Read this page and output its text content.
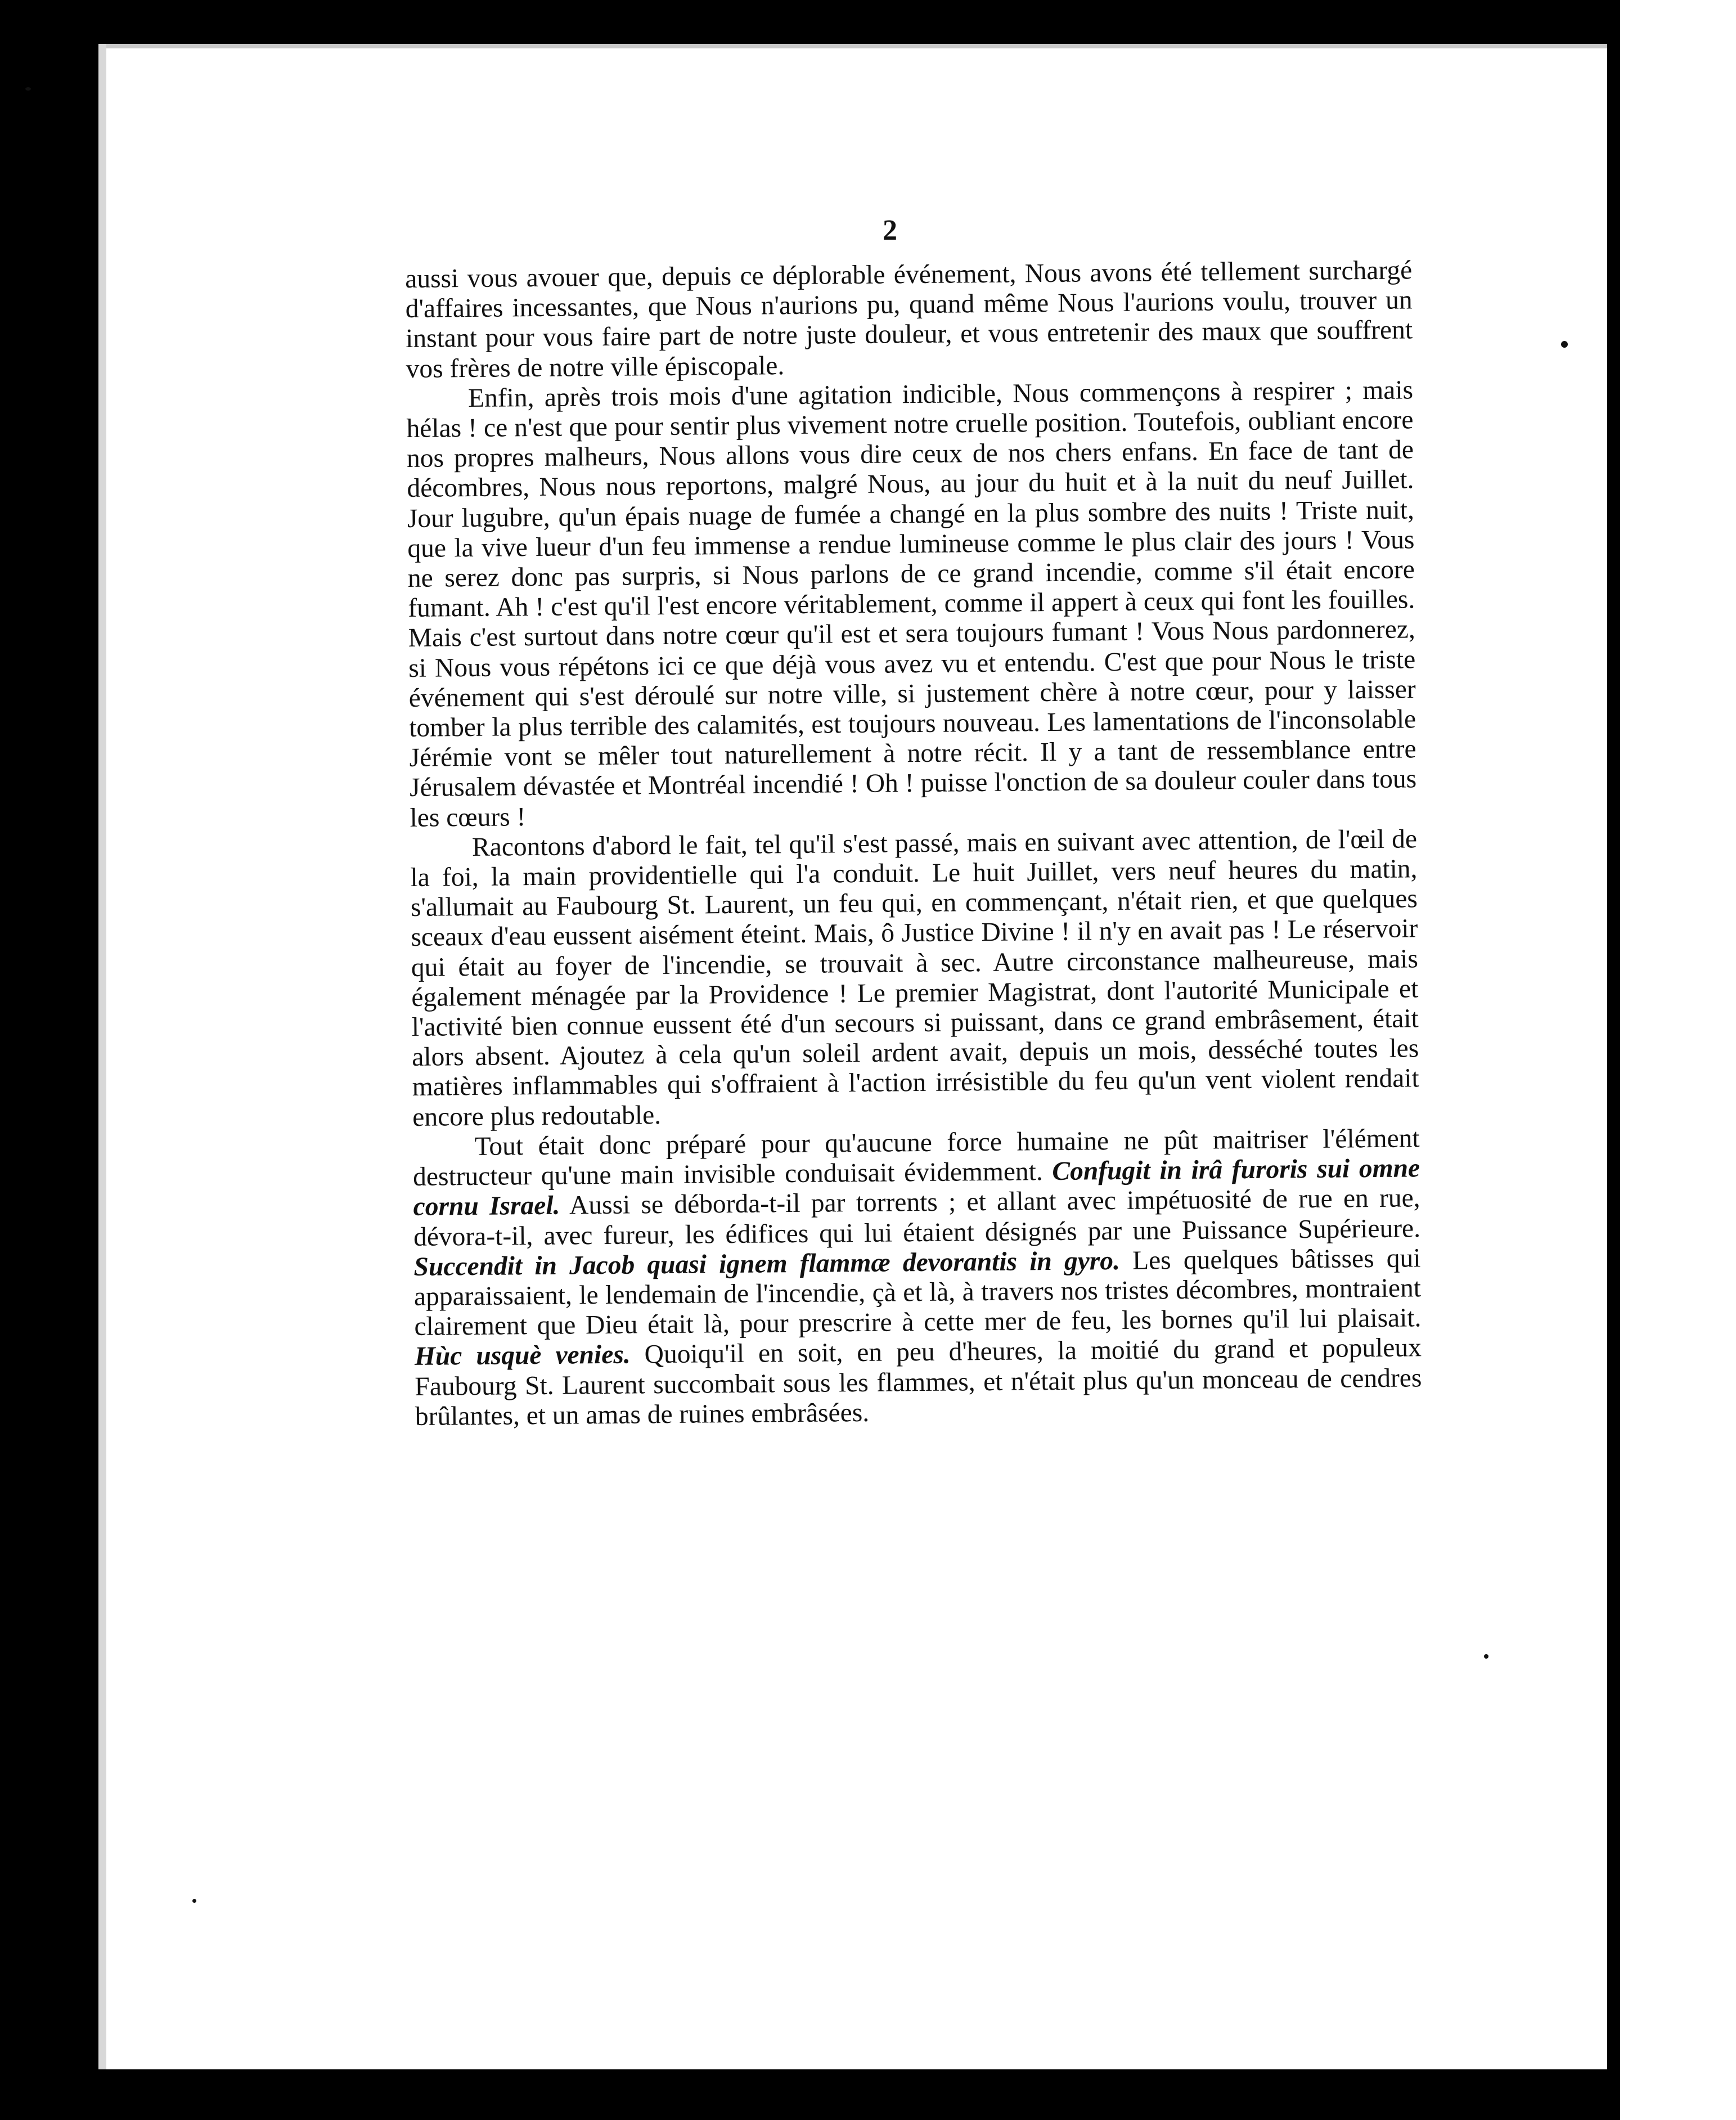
2

aussi vous avouer que, depuis ce déplorable événement, Nous avons été tellement surchargé d'affaires incessantes, que Nous n'aurions pu, quand même Nous l'aurions voulu, trouver un instant pour vous faire part de notre juste douleur, et vous entretenir des maux que souffrent vos frères de notre ville épiscopale.

Enfin, après trois mois d'une agitation indicible, Nous commençons à respirer ; mais hélas ! ce n'est que pour sentir plus vivement notre cruelle position. Toutefois, oubliant encore nos propres malheurs, Nous allons vous dire ceux de nos chers enfans. En face de tant de décombres, Nous nous reportons, malgré Nous, au jour du huit et à la nuit du neuf Juillet. Jour lugubre, qu'un épais nuage de fumée a changé en la plus sombre des nuits ! Triste nuit, que la vive lueur d'un feu immense a rendue lumineuse comme le plus clair des jours ! Vous ne serez donc pas surpris, si Nous parlons de ce grand incendie, comme s'il était encore fumant. Ah ! c'est qu'il l'est encore véritablement, comme il appert à ceux qui font les fouilles. Mais c'est surtout dans notre cœur qu'il est et sera toujours fumant ! Vous Nous pardonnerez, si Nous vous répétons ici ce que déjà vous avez vu et entendu. C'est que pour Nous le triste événement qui s'est déroulé sur notre ville, si justement chère à notre cœur, pour y laisser tomber la plus terrible des calamités, est toujours nouveau. Les lamentations de l'inconsolable Jérémie vont se mêler tout naturellement à notre récit. Il y a tant de ressemblance entre Jérusalem dévastée et Montréal incendié ! Oh ! puisse l'onction de sa douleur couler dans tous les cœurs !

Racontons d'abord le fait, tel qu'il s'est passé, mais en suivant avec attention, de l'œil de la foi, la main providentielle qui l'a conduit. Le huit Juillet, vers neuf heures du matin, s'allumait au Faubourg St. Laurent, un feu qui, en commençant, n'était rien, et que quelques sceaux d'eau eussent aisément éteint. Mais, ô Justice Divine ! il n'y en avait pas ! Le réservoir qui était au foyer de l'incendie, se trouvait à sec. Autre circonstance malheureuse, mais également ménagée par la Providence ! Le premier Magistrat, dont l'autorité Municipale et l'activité bien connue eussent été d'un secours si puissant, dans ce grand embrâsement, était alors absent. Ajoutez à cela qu'un soleil ardent avait, depuis un mois, desséché toutes les matières inflammables qui s'offraient à l'action irrésistible du feu qu'un vent violent rendait encore plus redoutable.

Tout était donc préparé pour qu'aucune force humaine ne pût maitriser l'élément destructeur qu'une main invisible conduisait évidemment. Confugit in irâ furoris sui omne cornu Israel. Aussi se déborda-t-il par torrents ; et allant avec impétuosité de rue en rue, dévora-t-il, avec fureur, les édifices qui lui étaient désignés par une Puissance Supérieure. Succendit in Jacob quasi ignem flammæ devorantis in gyro. Les quelques bâtisses qui apparaissaient, le lendemain de l'incendie, çà et là, à travers nos tristes décombres, montraient clairement que Dieu était là, pour prescrire à cette mer de feu, les bornes qu'il lui plaisait. Hùc usquè venies. Quoiqu'il en soit, en peu d'heures, la moitié du grand et populeux Faubourg St. Laurent succombait sous les flammes, et n'était plus qu'un monceau de cendres brûlantes, et un amas de ruines embrâsées.
